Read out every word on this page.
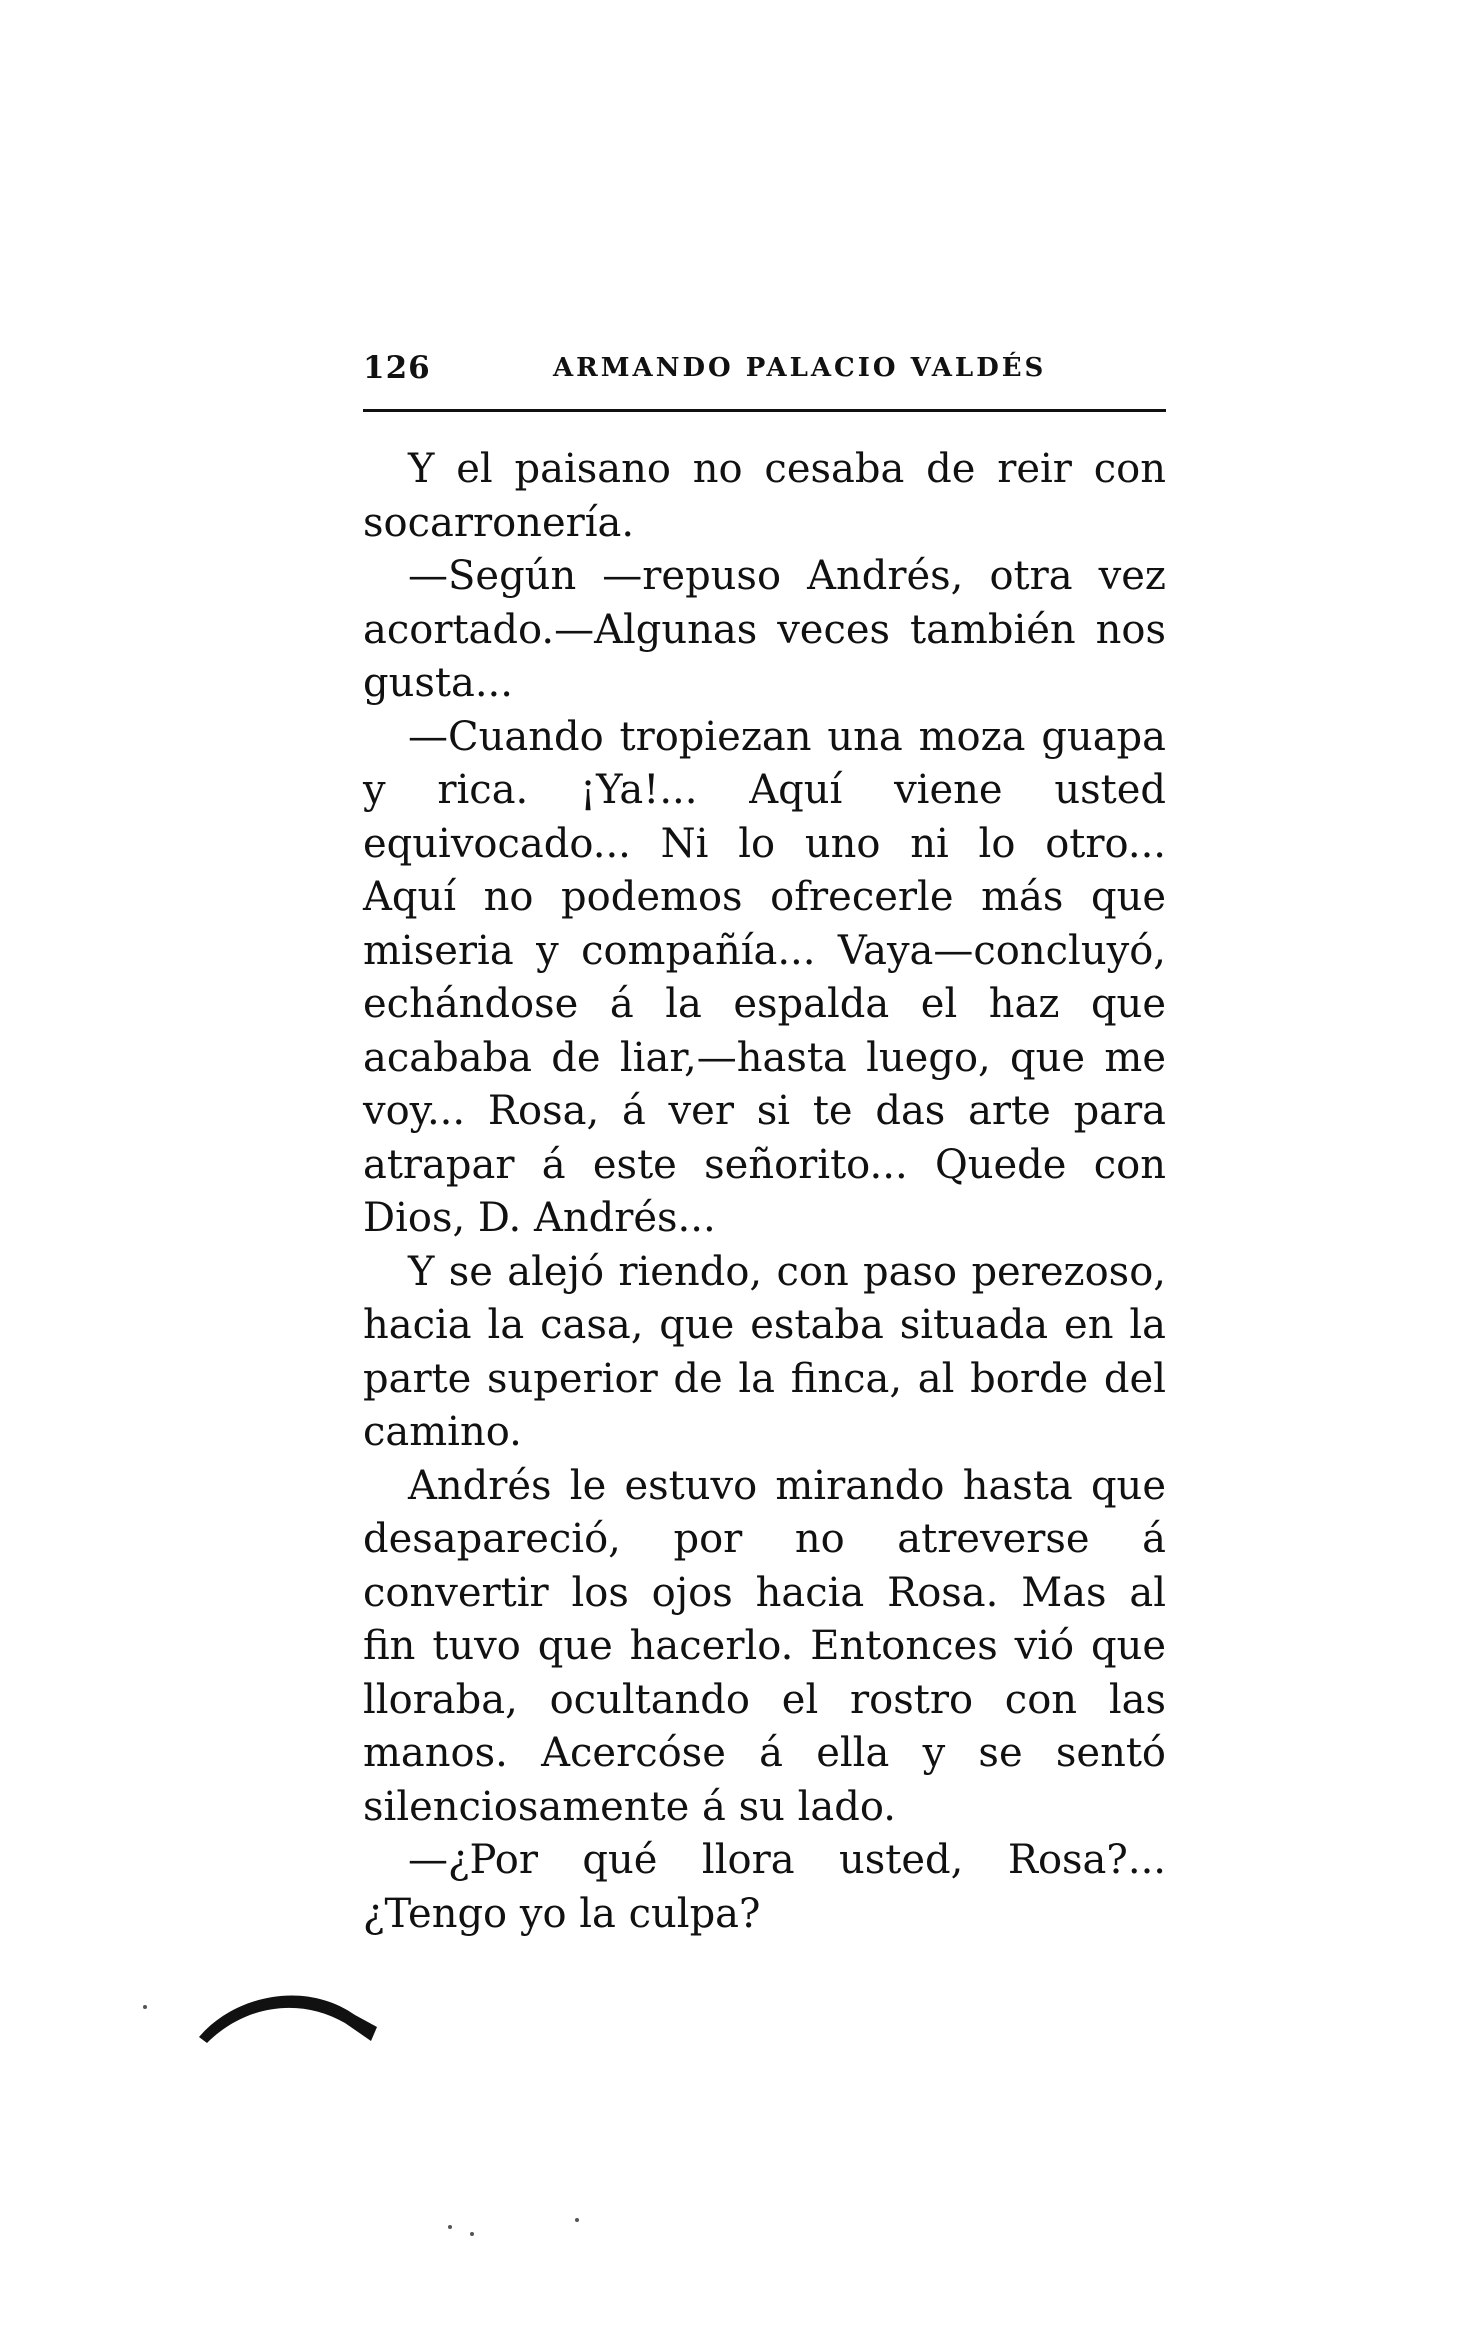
126	ARMANDO PALACIO VALDÉS

Y el paisano no cesaba de reir con socarronería.

—Según —repuso Andrés, otra vez acortado.—Algunas veces también nos gusta...

—Cuando tropiezan una moza guapa y rica. ¡Ya!... Aquí viene usted equivocado... Ni lo uno ni lo otro... Aquí no podemos ofrecerle más que miseria y compañía... Vaya—concluyó, echándose á la espalda el haz que acababa de liar,—hasta luego, que me voy... Rosa, á ver si te das arte para atrapar á este señorito... Quede con Dios, D. Andrés...

Y se alejó riendo, con paso perezoso, hacia la casa, que estaba situada en la parte superior de la finca, al borde del camino.

Andrés le estuvo mirando hasta que desapareció, por no atreverse á convertir los ojos hacia Rosa. Mas al fin tuvo que hacerlo. Entonces vió que lloraba, ocultando el rostro con las manos. Acercóse á ella y se sentó silenciosamente á su lado.

—¿Por qué llora usted, Rosa?... ¿Tengo yo la culpa?
